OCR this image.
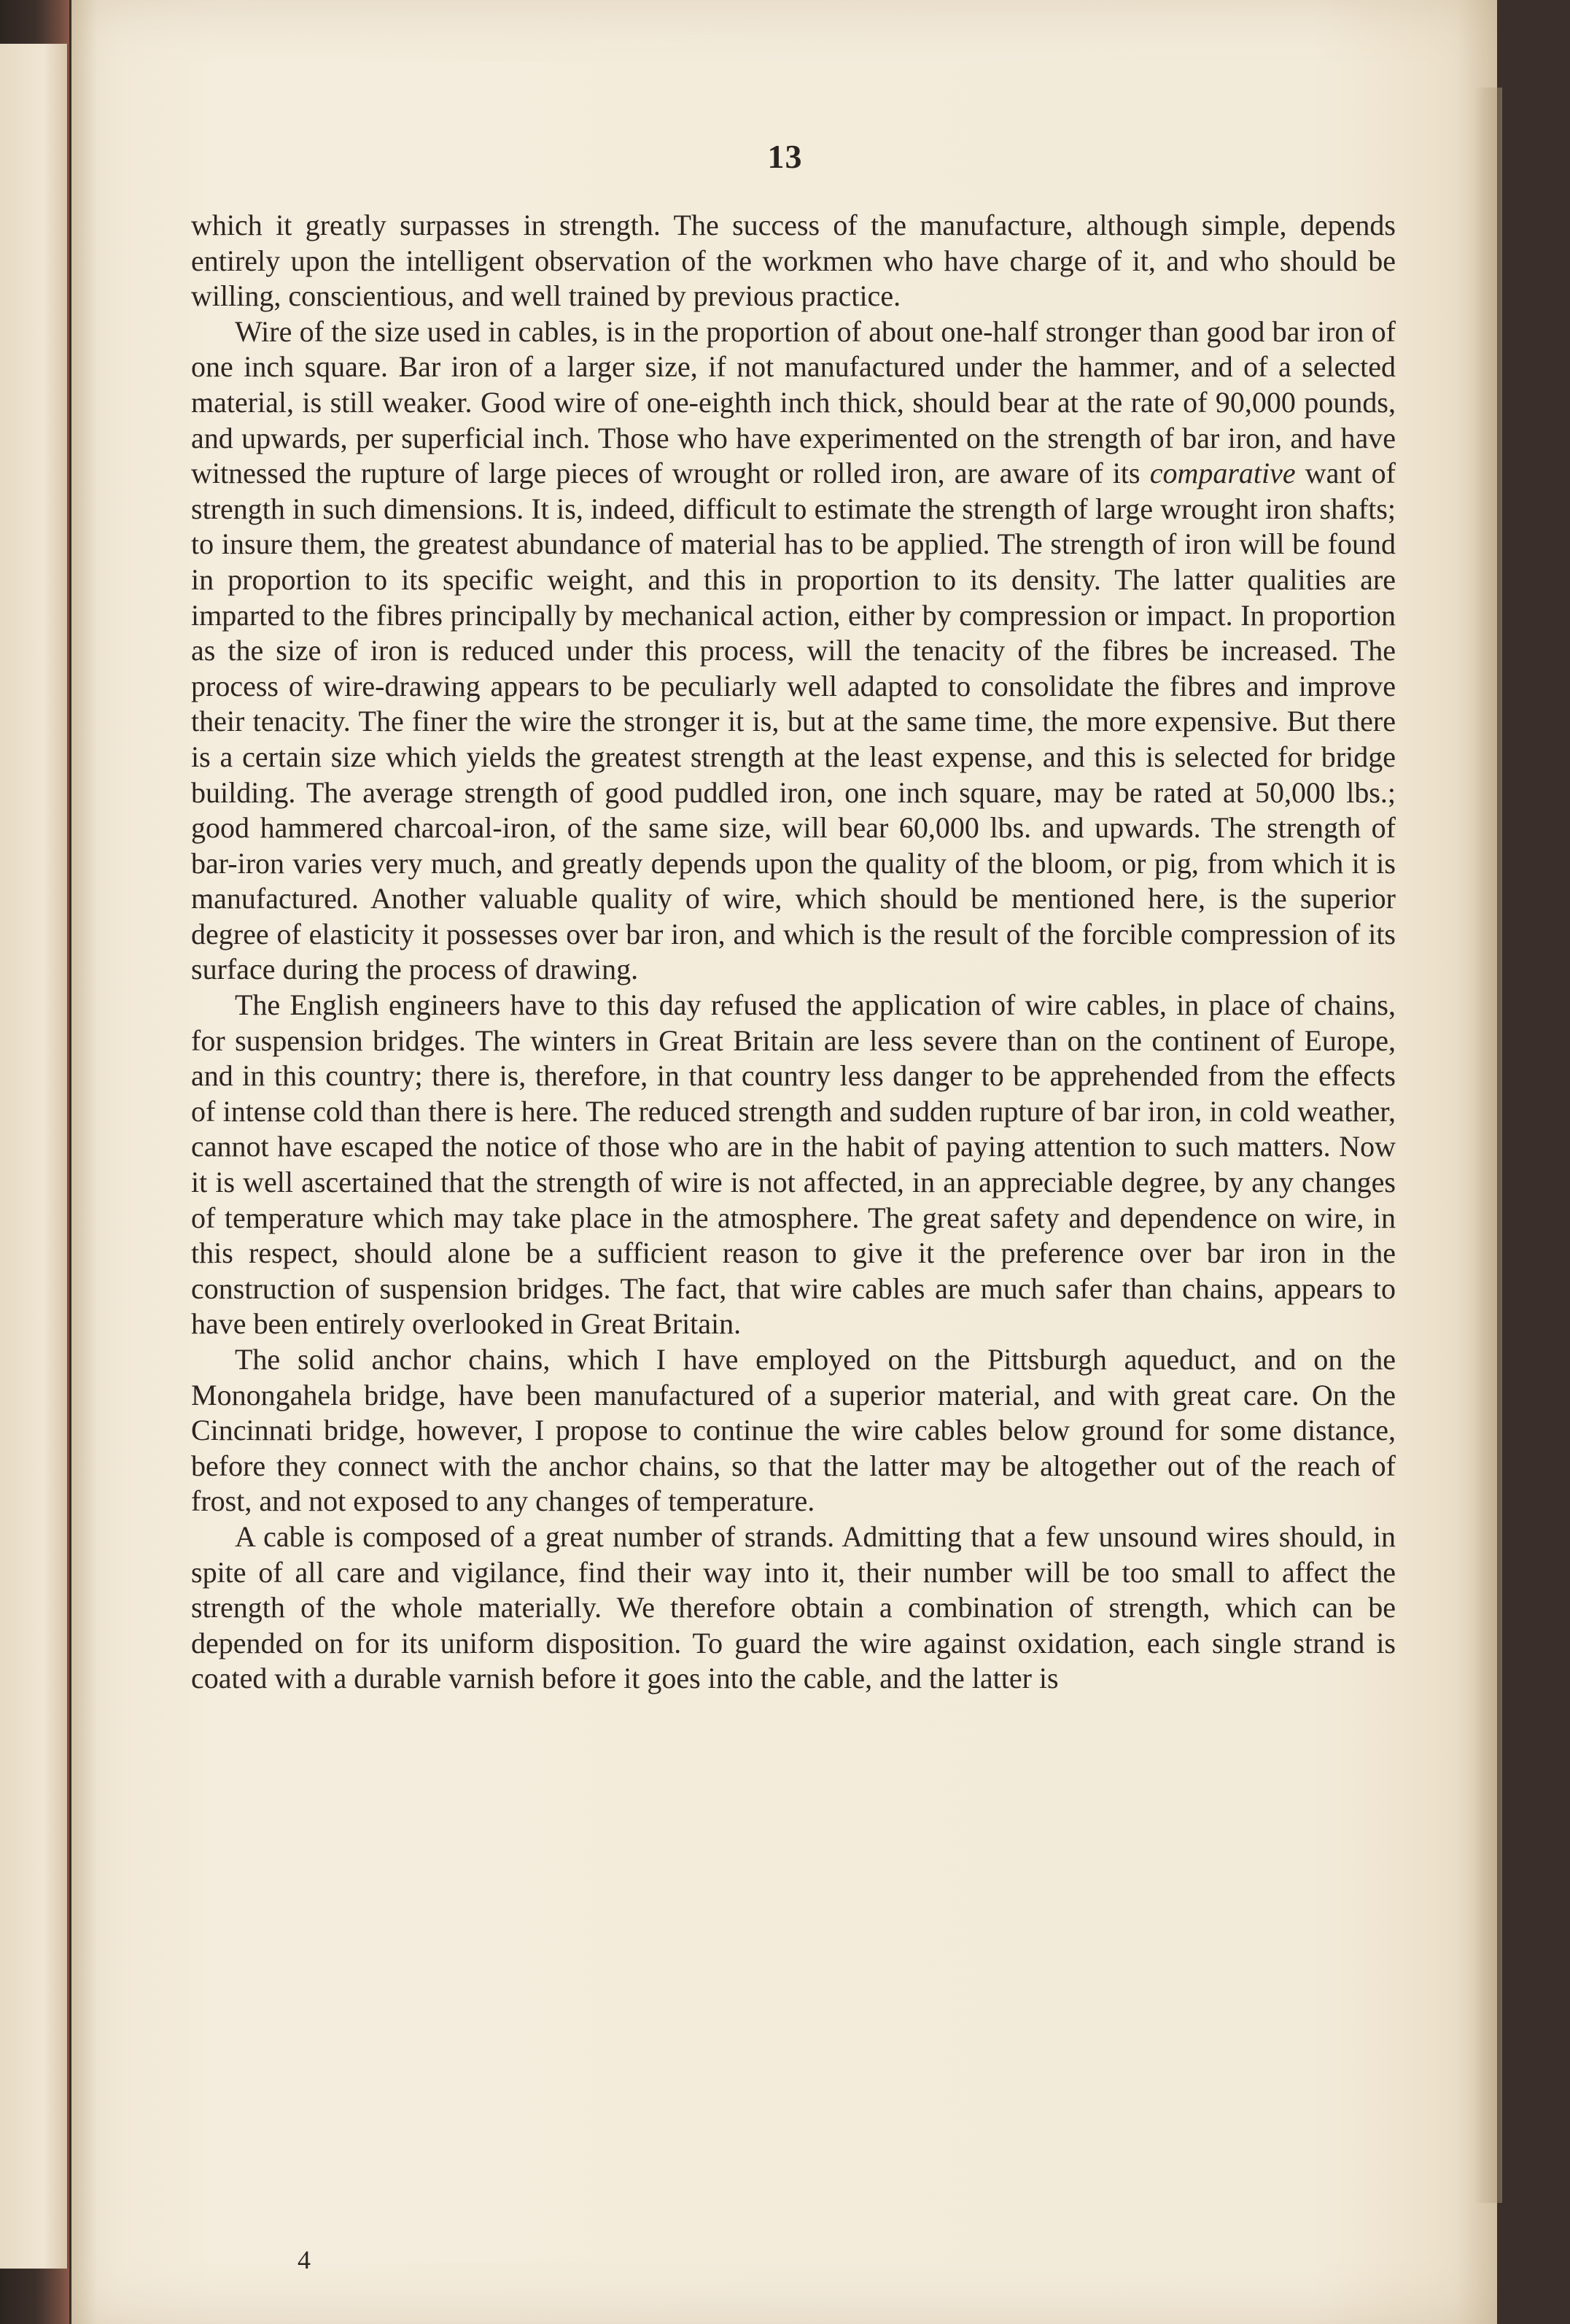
13

which it greatly surpasses in strength. The success of the manufacture, although simple, depends entirely upon the intelligent observation of the workmen who have charge of it, and who should be willing, conscientious, and well trained by previous practice.

Wire of the size used in cables, is in the proportion of about one-half stronger than good bar iron of one inch square. Bar iron of a larger size, if not manufactured under the hammer, and of a selected material, is still weaker. Good wire of one-eighth inch thick, should bear at the rate of 90,000 pounds, and upwards, per superficial inch. Those who have experimented on the strength of bar iron, and have witnessed the rupture of large pieces of wrought or rolled iron, are aware of its comparative want of strength in such dimensions. It is, indeed, difficult to estimate the strength of large wrought iron shafts; to insure them, the greatest abundance of material has to be applied. The strength of iron will be found in proportion to its specific weight, and this in proportion to its density. The latter qualities are imparted to the fibres principally by mechanical action, either by compression or impact. In proportion as the size of iron is reduced under this process, will the tenacity of the fibres be increased. The process of wire-drawing appears to be peculiarly well adapted to consolidate the fibres and improve their tenacity. The finer the wire the stronger it is, but at the same time, the more expensive. But there is a certain size which yields the greatest strength at the least expense, and this is selected for bridge building. The average strength of good puddled iron, one inch square, may be rated at 50,000 lbs.; good hammered charcoal-iron, of the same size, will bear 60,000 lbs. and upwards. The strength of bar-iron varies very much, and greatly depends upon the quality of the bloom, or pig, from which it is manufactured. Another valuable quality of wire, which should be mentioned here, is the superior degree of elasticity it possesses over bar iron, and which is the result of the forcible compression of its surface during the process of drawing.

The English engineers have to this day refused the application of wire cables, in place of chains, for suspension bridges. The winters in Great Britain are less severe than on the continent of Europe, and in this country; there is, therefore, in that country less danger to be apprehended from the effects of intense cold than there is here. The reduced strength and sudden rupture of bar iron, in cold weather, cannot have escaped the notice of those who are in the habit of paying attention to such matters. Now it is well ascertained that the strength of wire is not affected, in an appreciable degree, by any changes of temperature which may take place in the atmosphere. The great safety and dependence on wire, in this respect, should alone be a sufficient reason to give it the preference over bar iron in the construction of suspension bridges. The fact, that wire cables are much safer than chains, appears to have been entirely overlooked in Great Britain.

The solid anchor chains, which I have employed on the Pittsburgh aqueduct, and on the Monongahela bridge, have been manufactured of a superior material, and with great care. On the Cincinnati bridge, however, I propose to continue the wire cables below ground for some distance, before they connect with the anchor chains, so that the latter may be altogether out of the reach of frost, and not exposed to any changes of temperature.

A cable is composed of a great number of strands. Admitting that a few unsound wires should, in spite of all care and vigilance, find their way into it, their number will be too small to affect the strength of the whole materially. We therefore obtain a combination of strength, which can be depended on for its uniform disposition. To guard the wire against oxidation, each single strand is coated with a durable varnish before it goes into the cable, and the latter is

4
